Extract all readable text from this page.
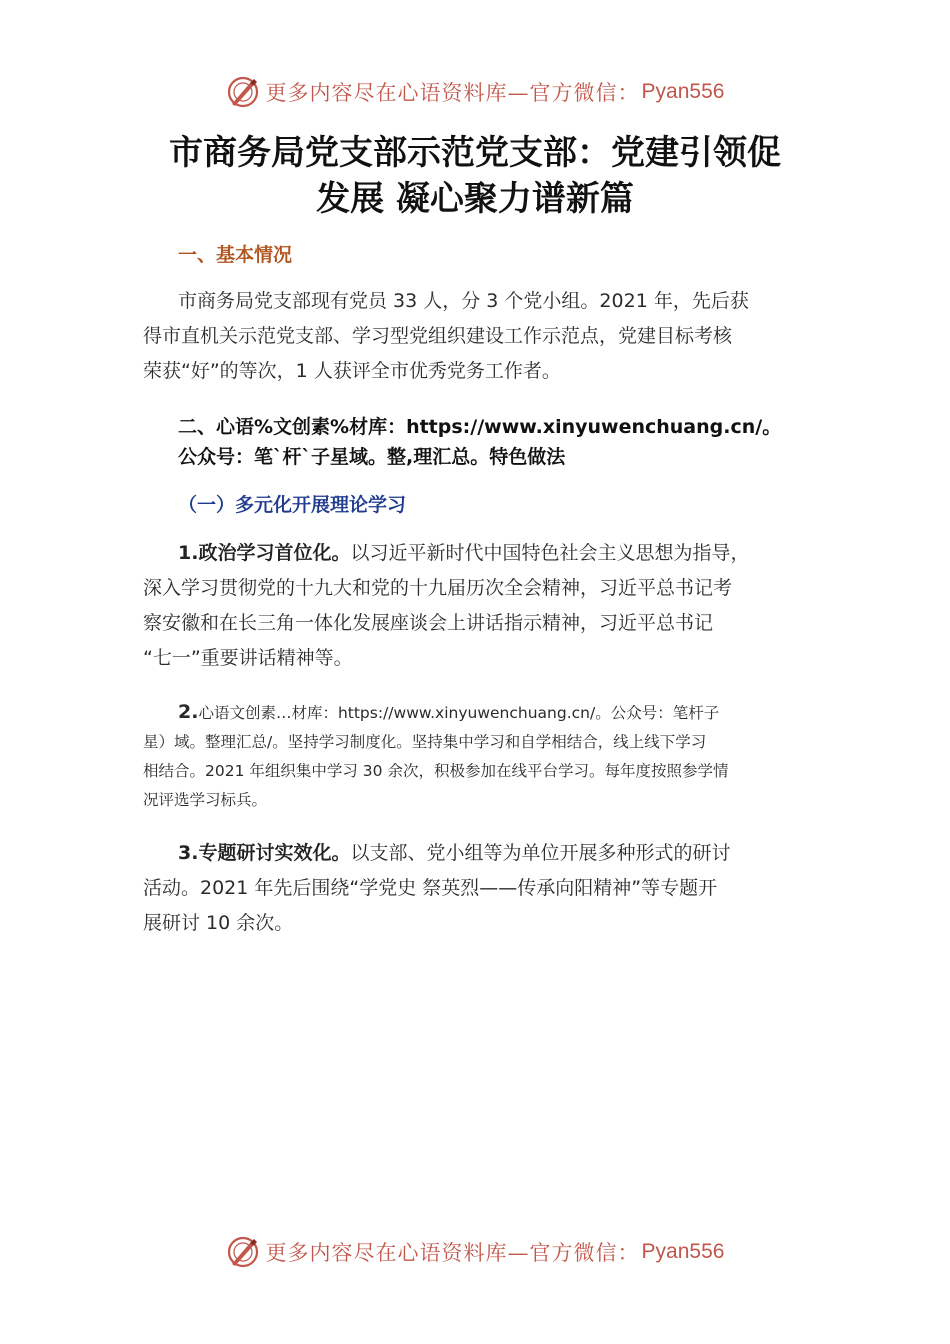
更多内容尽在心语资料库—官方微信： Pyan556
市商务局党支部示范党支部：党建引领促
发展 凝心聚力谱新篇
一、基本情况

市商务局党支部现有党员 33 人，分 3 个党小组。2021 年，先后获
得市直机关示范党支部、学习型党组织建设工作示范点，党建目标考核
荣获“好”的等次，1 人获评全市优秀党务工作者。

二、心语%文创素%材库：https://www.xinyuwenchuang.cn/。
公众号：笔`杆`子星域。整,理汇总。特色做法
（一）多元化开展理论学习

1.政治学习首位化。以习近平新时代中国特色社会主义思想为指导，
深入学习贯彻党的十九大和党的十九届历次全会精神，习近平总书记考
察安徽和在长三角一体化发展座谈会上讲话指示精神，习近平总书记
“七一”重要讲话精神等。

2.心语文创素…材库：https://www.xinyuwenchuang.cn/。公众号：笔杆子
星）域。整理汇总/。坚持学习制度化。坚持集中学习和自学相结合，线上线下学习
相结合。2021 年组织集中学习 30 余次，积极参加在线平台学习。每年度按照参学情
况评选学习标兵。

3.专题研讨实效化。以支部、党小组等为单位开展多种形式的研讨
活动。2021 年先后围绕“学党史 祭英烈——传承向阳精神”等专题开
展研讨 10 余次。

更多内容尽在心语资料库—官方微信： Pyan556
